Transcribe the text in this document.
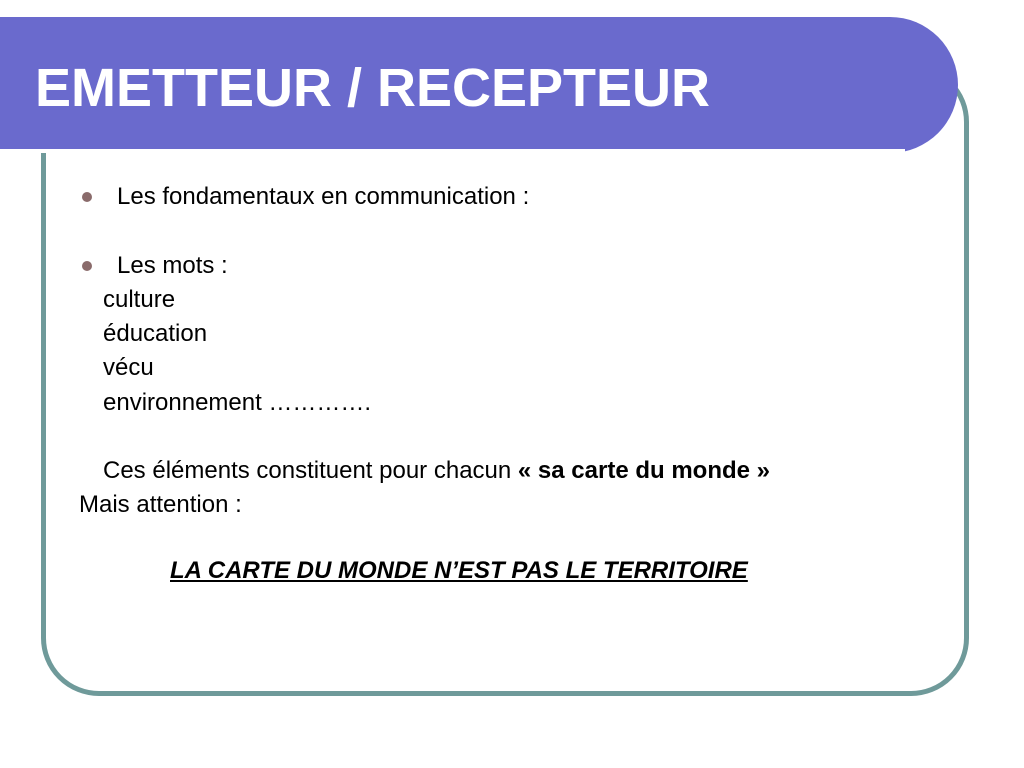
EMETTEUR / RECEPTEUR
Les fondamentaux en communication :
Les mots :
culture
éducation
vécu
environnement ………….
Ces éléments constituent pour chacun « sa carte du monde »
Mais attention :
LA CARTE DU MONDE N’EST PAS LE TERRITOIRE
